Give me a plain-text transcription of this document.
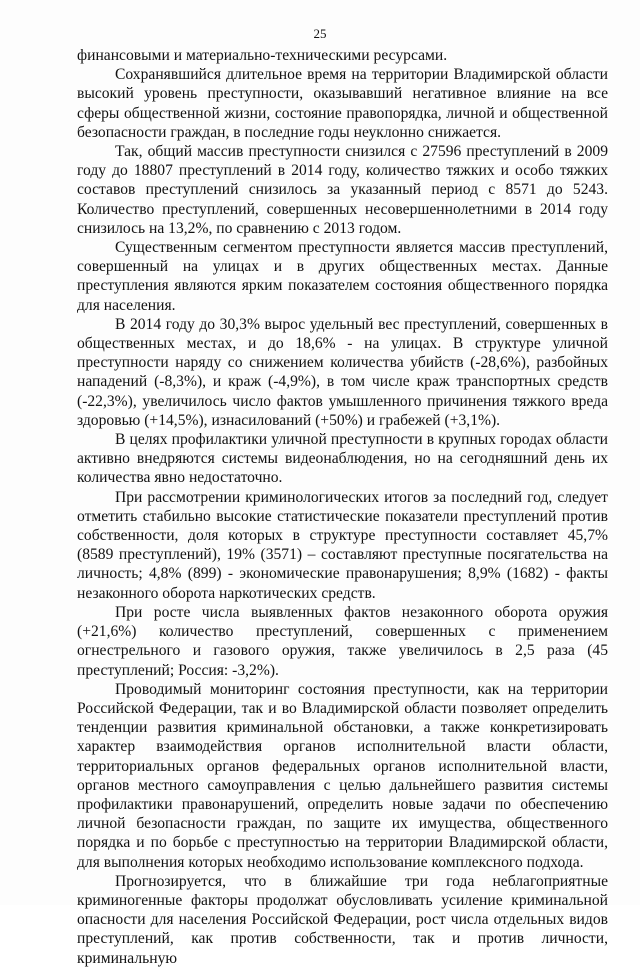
25

финансовыми и материально-техническими ресурсами.

Сохранявшийся длительное время на территории Владимирской области высокий уровень преступности, оказывавший негативное влияние на все сферы общественной жизни, состояние правопорядка, личной и общественной безопасности граждан, в последние годы неуклонно снижается.

Так, общий массив преступности снизился с 27596 преступлений в 2009 году до 18807 преступлений в 2014 году, количество тяжких и особо тяжких составов преступлений снизилось за указанный период с 8571 до 5243. Количество преступлений, совершенных несовершеннолетними в 2014 году снизилось на 13,2%, по сравнению с 2013 годом.

Существенным сегментом преступности является массив преступлений, совершенный на улицах и в других общественных местах. Данные преступления являются ярким показателем состояния общественного порядка для населения.

В 2014 году до 30,3% вырос удельный вес преступлений, совершенных в общественных местах, и до 18,6% - на улицах. В структуре уличной преступности наряду со снижением количества убийств (-28,6%), разбойных нападений (-8,3%), и краж (-4,9%), в том числе краж транспортных средств (-22,3%), увеличилось число фактов умышленного причинения тяжкого вреда здоровью (+14,5%), изнасилований (+50%) и грабежей (+3,1%).

В целях профилактики уличной преступности в крупных городах области активно внедряются системы видеонаблюдения, но на сегодняшний день их количества явно недостаточно.

При рассмотрении криминологических итогов за последний год, следует отметить стабильно высокие статистические показатели преступлений против собственности, доля которых в структуре преступности составляет 45,7% (8589 преступлений), 19% (3571) – составляют преступные посягательства на личность; 4,8% (899) - экономические правонарушения; 8,9% (1682) - факты незаконного оборота наркотических средств.

При росте числа выявленных фактов незаконного оборота оружия (+21,6%) количество преступлений, совершенных с применением огнестрельного и газового оружия, также увеличилось в 2,5 раза (45 преступлений; Россия: -3,2%).

Проводимый мониторинг состояния преступности, как на территории Российской Федерации, так и во Владимирской области позволяет определить тенденции развития криминальной обстановки, а также конкретизировать характер взаимодействия органов исполнительной власти области, территориальных органов федеральных органов исполнительной власти, органов местного самоуправления с целью дальнейшего развития системы профилактики правонарушений, определить новые задачи по обеспечению личной безопасности граждан, по защите их имущества, общественного порядка и по борьбе с преступностью на территории Владимирской области, для выполнения которых необходимо использование комплексного подхода.

Прогнозируется, что в ближайшие три года неблагоприятные криминогенные факторы продолжат обусловливать усиление криминальной опасности для населения Российской Федерации, рост числа отдельных видов преступлений, как против собственности, так и против личности, криминальную
